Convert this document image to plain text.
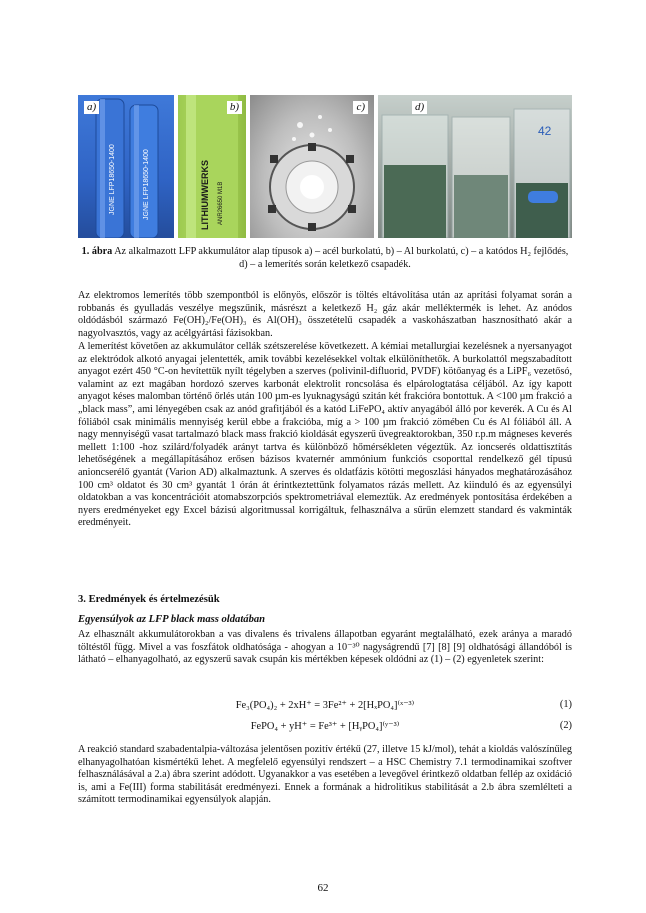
JGNE LFP18650-1400	JGNE LFP18650-1400
a)
LITHIUMWERKS ANR26650 M1B
b)	c)
42
d)

1. ábra Az alkalmazott LFP akkumulátor alap típusok a) – acél burkolatú, b) – Al burkolatú, c) – a katódos H₂ fejlődés, d) – a lemerítés során keletkező csapadék.

Az elektromos lemerítés több szempontból is előnyös, először is töltés eltávolítása után az aprítási folyamat során a robbanás és gyulladás veszélye megszűnik, másrészt a keletkező H₂ gáz akár melléktermék is lehet. Az anódos oldódásból származó Fe(OH)₂/Fe(OH)₃ és Al(OH)₃ összetételű csapadék a vaskohászatban hasznosítható akár a nagyolvasztós, vagy az acélgyártási fázisokban.

A lemerítést követően az akkumulátor cellák szétszerelése következett. A kémiai metallurgiai kezelésnek a nyersanyagot az elektródok alkotó anyagai jelentették, amik további kezelésekkel voltak elkülöníthetők. A burkolattól megszabadított anyagot ezért 450 °C-on hevítettük nyílt tégelyben a szerves (polivinil-difluorid, PVDF) kötőanyag és a LiPF₆ vezetősó, valamint az ezt magában hordozó szerves karbonát elektrolit roncsolása és elpárologtatása céljából. Az így kapott anyagot késes malomban történő őrlés után 100 µm-es lyuknagyságú szitán két frakcióra bontottuk. A <100 µm frakció a „black mass”, ami lényegében csak az anód grafitjából és a katód LiFePO₄ aktív anyagából álló por keverék. A Cu és Al fóliából csak minimális mennyiség kerül ebbe a frakcióba, míg a > 100 µm frakció zömében Cu és Al fóliából áll. A nagy mennyiségű vasat tartalmazó black mass frakció kioldását egyszerű üvegreaktorokban, 350 r.p.m mágneses keverés mellett 1:100 -hoz szilárd/folyadék arányt tartva és különböző hőmérsékleten végeztük. Az ioncserés oldattisztítás lehetőségének a megállapításához erősen bázisos kvaternér ammónium funkciós csoporttal rendelkező gél típusú anioncserélő gyantát (Varion AD) alkalmaztunk. A szerves és oldatfázis kötötti megoszlási hányados meghatározásához 100 cm³ oldatot és 30 cm³ gyantát 1 órán át érintkeztettünk folyamatos rázás mellett. Az kiinduló és az egyensúlyi oldatokban a vas koncentrációit atomabszorpciós spektrometriával elemeztük. Az eredmények pontosítása érdekében a nyers eredményeket egy Excel bázisú algoritmussal korrigáltuk, felhasználva a sűrűn elemzett standard és vakminták eredményeit.

3. Eredmények és értelmezésük

Egyensúlyok az LFP black mass oldatában

Az elhasznált akkumulátorokban a vas divalens és trivalens állapotban egyaránt megtalálható, ezek aránya a maradó töltéstől függ. Mivel a vas foszfátok oldhatósága - ahogyan a 10⁻³⁰ nagyságrendű [7] [8] [9] oldhatósági állandóból is látható – elhanyagolható, az egyszerű savak csupán kis mértékben képesek oldódni az (1) – (2) egyenletek szerint:

Fe₃(PO₄)₂ + 2xH⁺ = 3Fe²⁺ + 2[HₓPO₄]⁽ˣ⁻³⁾	(1)
FePO₄ + yH⁺ = Fe³⁺ + [HᵧPO₄]⁽ʸ⁻³⁾	(2)

A reakció standard szabadentalpia-változása jelentősen pozitív értékű (27, illetve 15 kJ/mol), tehát a kioldás valószínűleg elhanyagolhatóan kismértékű lehet. A megfelelő egyensúlyi rendszert – a HSC Chemistry 7.1 termodinamikai szoftver felhasználásával a 2.a) ábra szerint adódott. Ugyanakkor a vas esetében a levegővel érintkező oldatban fellép az oxidáció is, ami a Fe(III) forma stabilitását eredményezi. Ennek a formának a hidrolitikus stabilitását a 2.b ábra szemlélteti a számított termodinamikai egyensúlyok alapján.

62
